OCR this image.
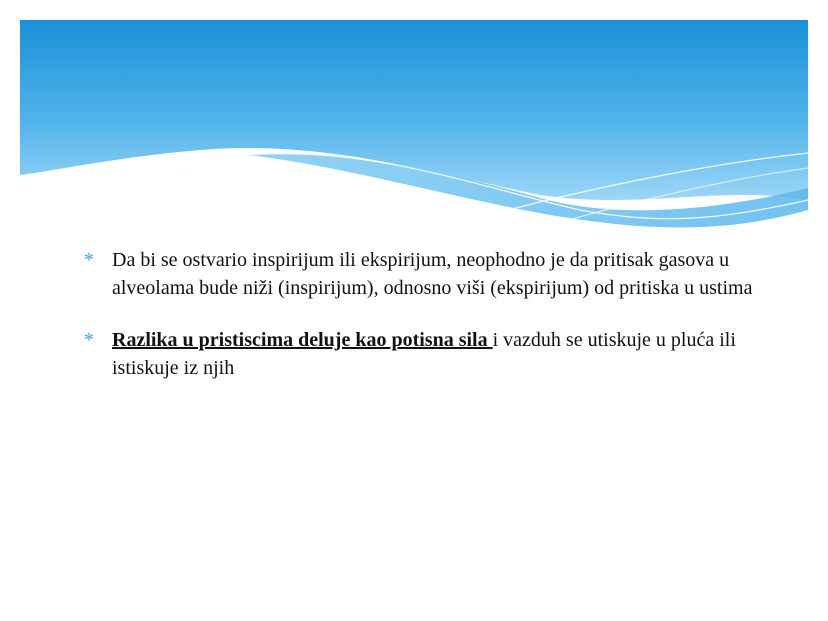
* Da bi se ostvario inspirijum ili ekspirijum, neophodno je da pritisak gasova u alveolama bude niži (inspirijum), odnosno viši (ekspirijum) od pritiska u ustima

* Razlika u pristiscima deluje kao potisna sila i vazduh se utiskuje u pluća ili istiskuje iz njih
